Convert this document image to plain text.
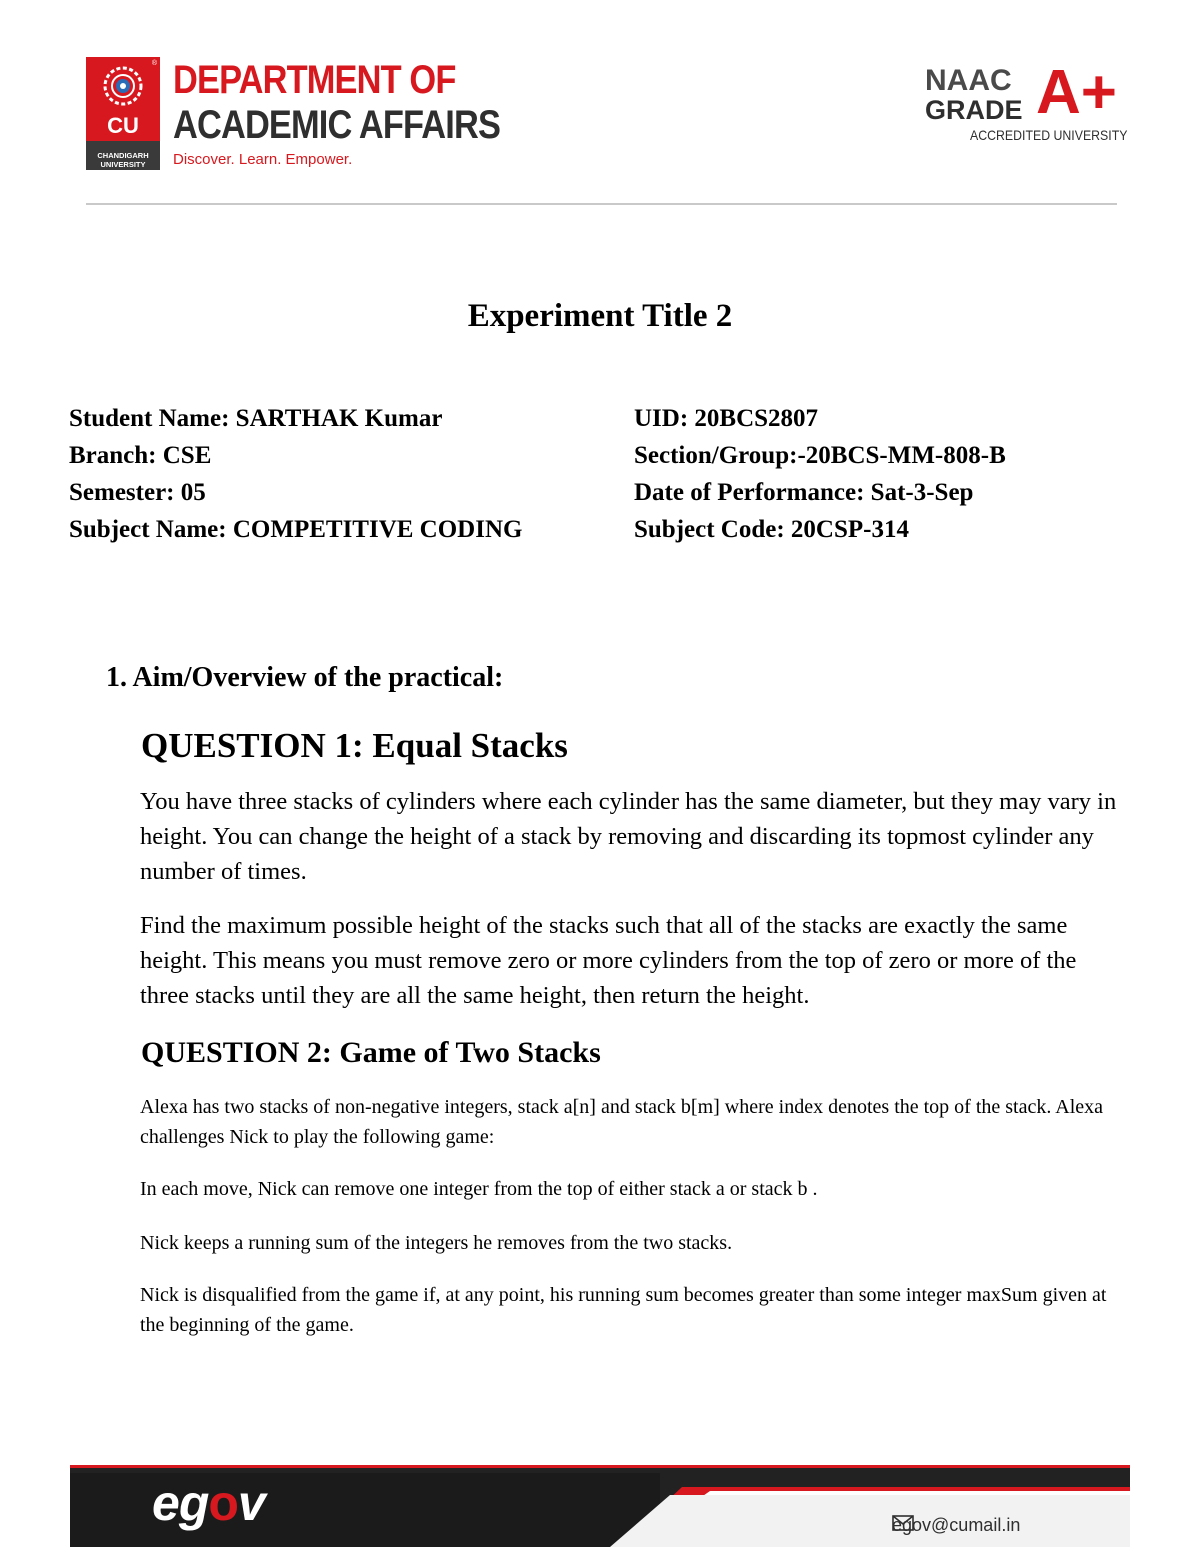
®
CU
CHANDIGARH
UNIVERSITY
DEPARTMENT OF
ACADEMIC AFFAIRS
Discover. Learn. Empower.
NAAC
GRADE A+
ACCREDITED UNIVERSITY
Experiment Title 2
Student Name: SARTHAK Kumar	UID: 20BCS2807
Branch: CSE	Section/Group:-20BCS-MM-808-B
Semester: 05	Date of Performance: Sat-3-Sep
Subject Name: COMPETITIVE CODING	Subject Code: 20CSP-314
1. Aim/Overview of the practical:
QUESTION 1: Equal Stacks
You have three stacks of cylinders where each cylinder has the same diameter, but they may vary in height. You can change the height of a stack by removing and discarding its topmost cylinder any number of times.
Find the maximum possible height of the stacks such that all of the stacks are exactly the same height. This means you must remove zero or more cylinders from the top of zero or more of the three stacks until they are all the same height, then return the height.
QUESTION 2: Game of Two Stacks
Alexa has two stacks of non-negative integers, stack a[n] and stack b[m] where index denotes the top of the stack. Alexa challenges Nick to play the following game:
In each move, Nick can remove one integer from the top of either stack a or stack b .
Nick keeps a running sum of the integers he removes from the two stacks.
Nick is disqualified from the game if, at any point, his running sum becomes greater than some integer maxSum given at the beginning of the game.
egov	egov@cumail.in
